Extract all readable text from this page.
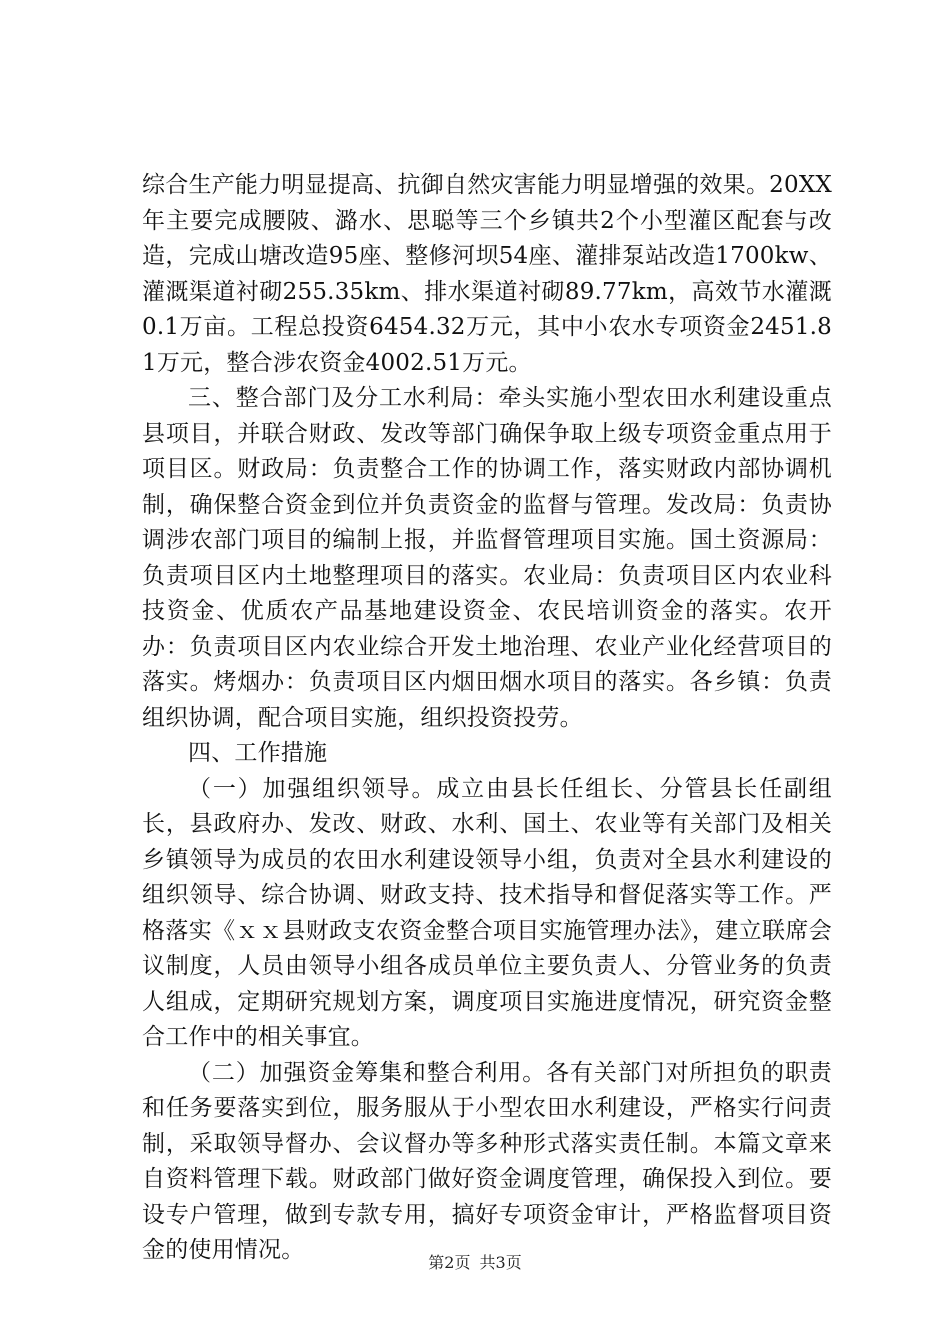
综合生产能力明显提高、抗御自然灾害能力明显增强的效果。20XX年主要完成腰陂、潞水、思聪等三个乡镇共2个小型灌区配套与改造，完成山塘改造95座、整修河坝54座、灌排泵站改造1700kw、灌溉渠道衬砌255.35km、排水渠道衬砌89.77km，高效节水灌溉0.1万亩。工程总投资6454.32万元，其中小农水专项资金2451.81万元，整合涉农资金4002.51万元。

三、整合部门及分工水利局：牵头实施小型农田水利建设重点县项目，并联合财政、发改等部门确保争取上级专项资金重点用于项目区。财政局：负责整合工作的协调工作，落实财政内部协调机制，确保整合资金到位并负责资金的监督与管理。发改局：负责协调涉农部门项目的编制上报，并监督管理项目实施。国土资源局：负责项目区内土地整理项目的落实。农业局：负责项目区内农业科技资金、优质农产品基地建设资金、农民培训资金的落实。农开办：负责项目区内农业综合开发土地治理、农业产业化经营项目的落实。烤烟办：负责项目区内烟田烟水项目的落实。各乡镇：负责组织协调，配合项目实施，组织投资投劳。

四、工作措施

（一）加强组织领导。成立由县长任组长、分管县长任副组长，县政府办、发改、财政、水利、国土、农业等有关部门及相关乡镇领导为成员的农田水利建设领导小组，负责对全县水利建设的组织领导、综合协调、财政支持、技术指导和督促落实等工作。严格落实《ｘｘ县财政支农资金整合项目实施管理办法》，建立联席会议制度，人员由领导小组各成员单位主要负责人、分管业务的负责人组成，定期研究规划方案，调度项目实施进度情况，研究资金整合工作中的相关事宜。

（二）加强资金筹集和整合利用。各有关部门对所担负的职责和任务要落实到位，服务服从于小型农田水利建设，严格实行问责制，采取领导督办、会议督办等多种形式落实责任制。本篇文章来自资料管理下载。财政部门做好资金调度管理，确保投入到位。要设专户管理，做到专款专用，搞好专项资金审计，严格监督项目资金的使用情况。	第2页 共3页
